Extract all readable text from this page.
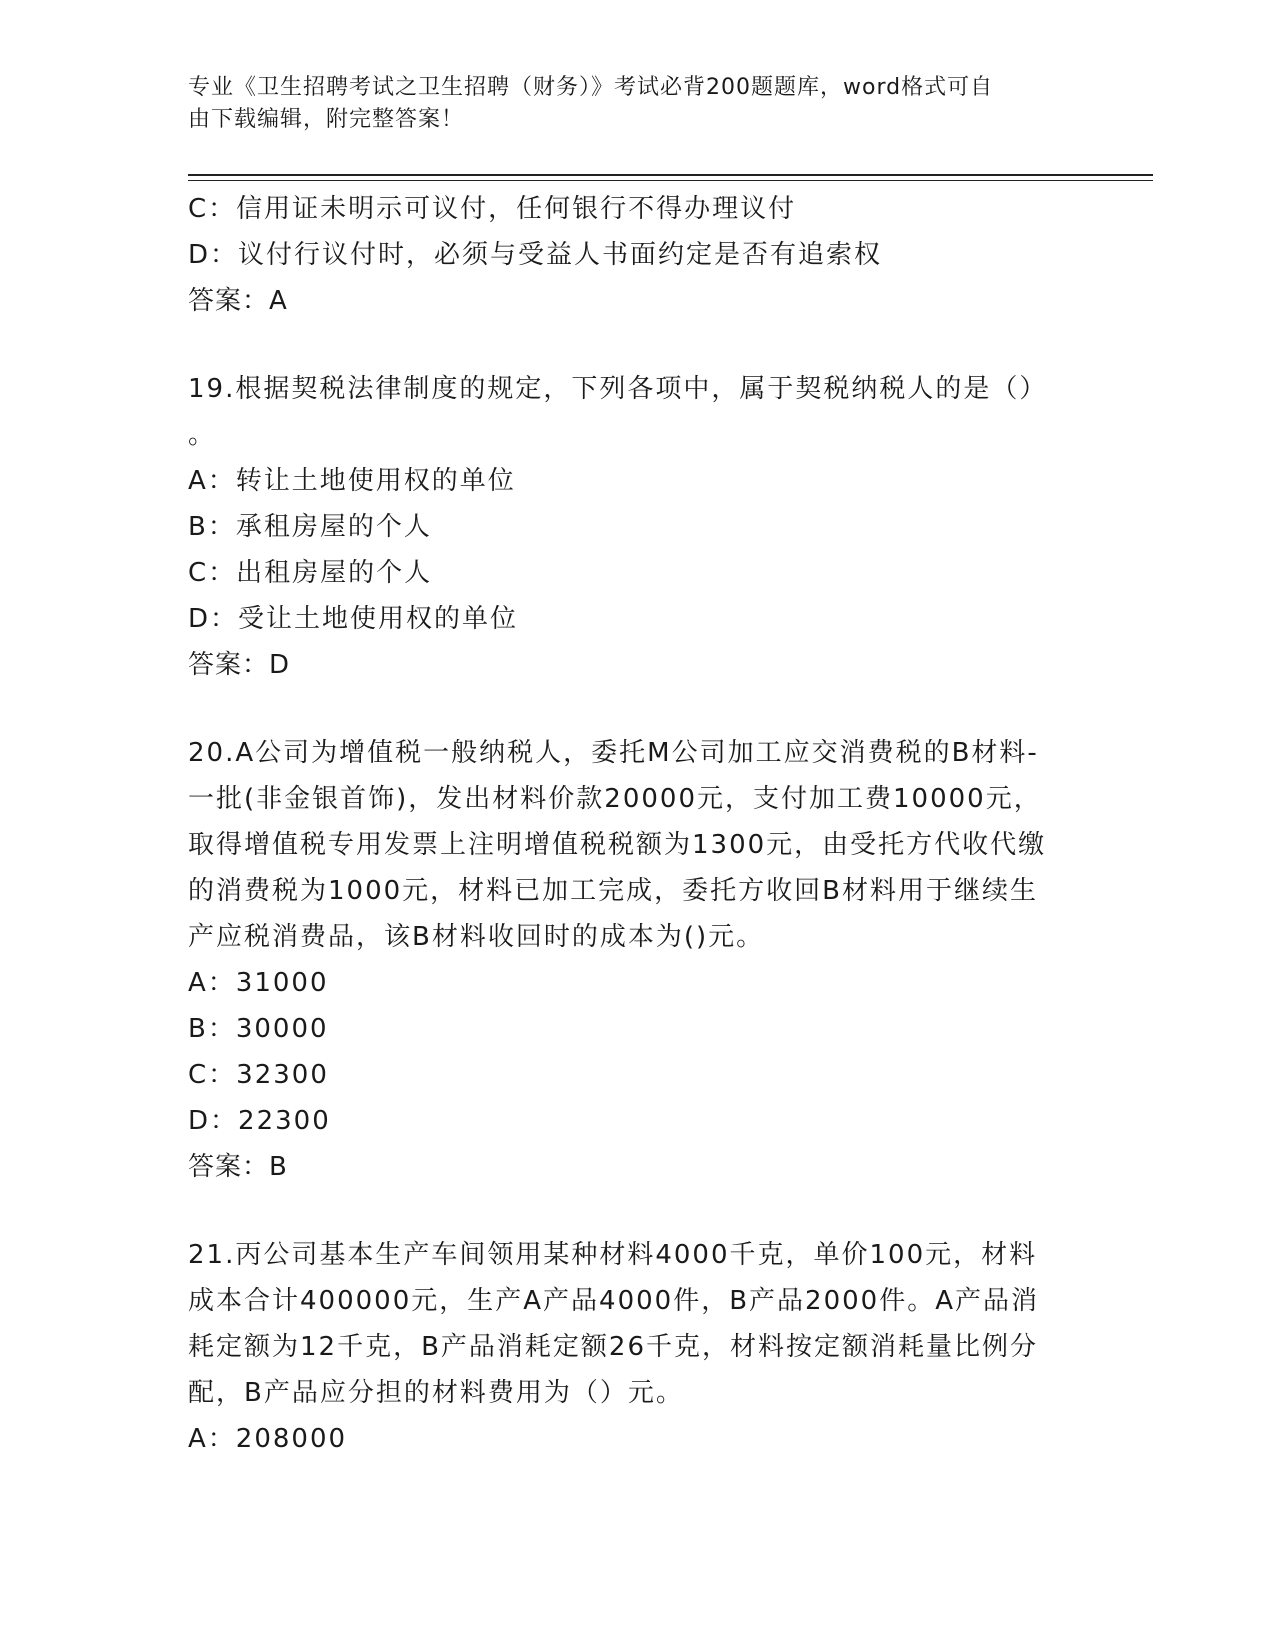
专业《卫生招聘考试之卫生招聘（财务）》考试必背200题题库，word格式可自
由下载编辑，附完整答案！
C：信用证未明示可议付，任何银行不得办理议付
D：议付行议付时，必须与受益人书面约定是否有追索权
答案：A
19.根据契税法律制度的规定，下列各项中，属于契税纳税人的是（）
。
A：转让土地使用权的单位
B：承租房屋的个人
C：出租房屋的个人
D：受让土地使用权的单位
答案：D
20.A公司为增值税一般纳税人，委托M公司加工应交消费税的B材料-
一批(非金银首饰)，发出材料价款20000元，支付加工费10000元，
取得增值税专用发票上注明增值税税额为1300元，由受托方代收代缴
的消费税为1000元，材料已加工完成，委托方收回B材料用于继续生
产应税消费品，该B材料收回时的成本为()元。
A：31000
B：30000
C：32300
D：22300
答案：B
21.丙公司基本生产车间领用某种材料4000千克，单价100元，材料
成本合计400000元，生产A产品4000件，B产品2000件。A产品消
耗定额为12千克，B产品消耗定额26千克，材料按定额消耗量比例分
配，B产品应分担的材料费用为（）元。
A：208000
